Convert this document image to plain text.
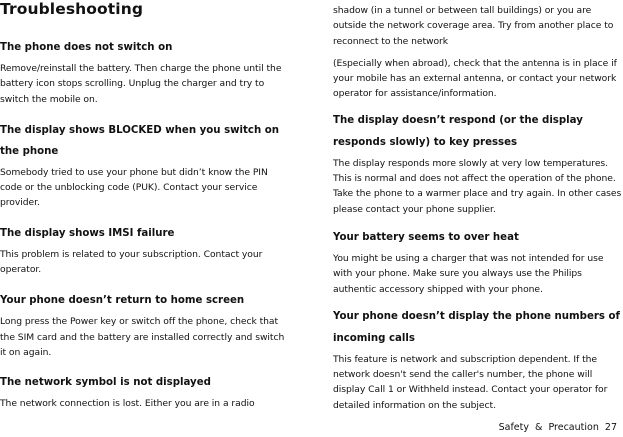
Troubleshooting
The phone does not switch on

Remove/reinstall the battery. Then charge the phone until the battery icon stops scrolling. Unplug the charger and try to switch the mobile on.

The display shows BLOCKED when you switch on the phone

Somebody tried to use your phone but didn’t know the PIN code or the unblocking code (PUK). Contact your service provider.

The display shows IMSI failure

This problem is related to your subscription. Contact your operator.

Your phone doesn’t return to home screen

Long press the Power key or switch off the phone, check that the SIM card and the battery are installed correctly and switch it on again.

The network symbol is not displayed

The network connection is lost. Either you are in a radio

shadow (in a tunnel or between tall buildings) or you are outside the network coverage area. Try from another place to reconnect to the network

(Especially when abroad), check that the antenna is in place if your mobile has an external antenna, or contact your network operator for assistance/information.

The display doesn’t respond (or the display responds slowly) to key presses

The display responds more slowly at very low temperatures. This is normal and does not affect the operation of the phone. Take the phone to a warmer place and try again. In other cases please contact your phone supplier.

Your battery seems to over heat

You might be using a charger that was not intended for use with your phone. Make sure you always use the Philips authentic accessory shipped with your phone.

Your phone doesn’t display the phone numbers of incoming calls

This feature is network and subscription dependent. If the network doesn't send the caller's number, the phone will display Call 1 or Withheld instead. Contact your operator for detailed information on the subject.

Safety  &  Precaution 27
